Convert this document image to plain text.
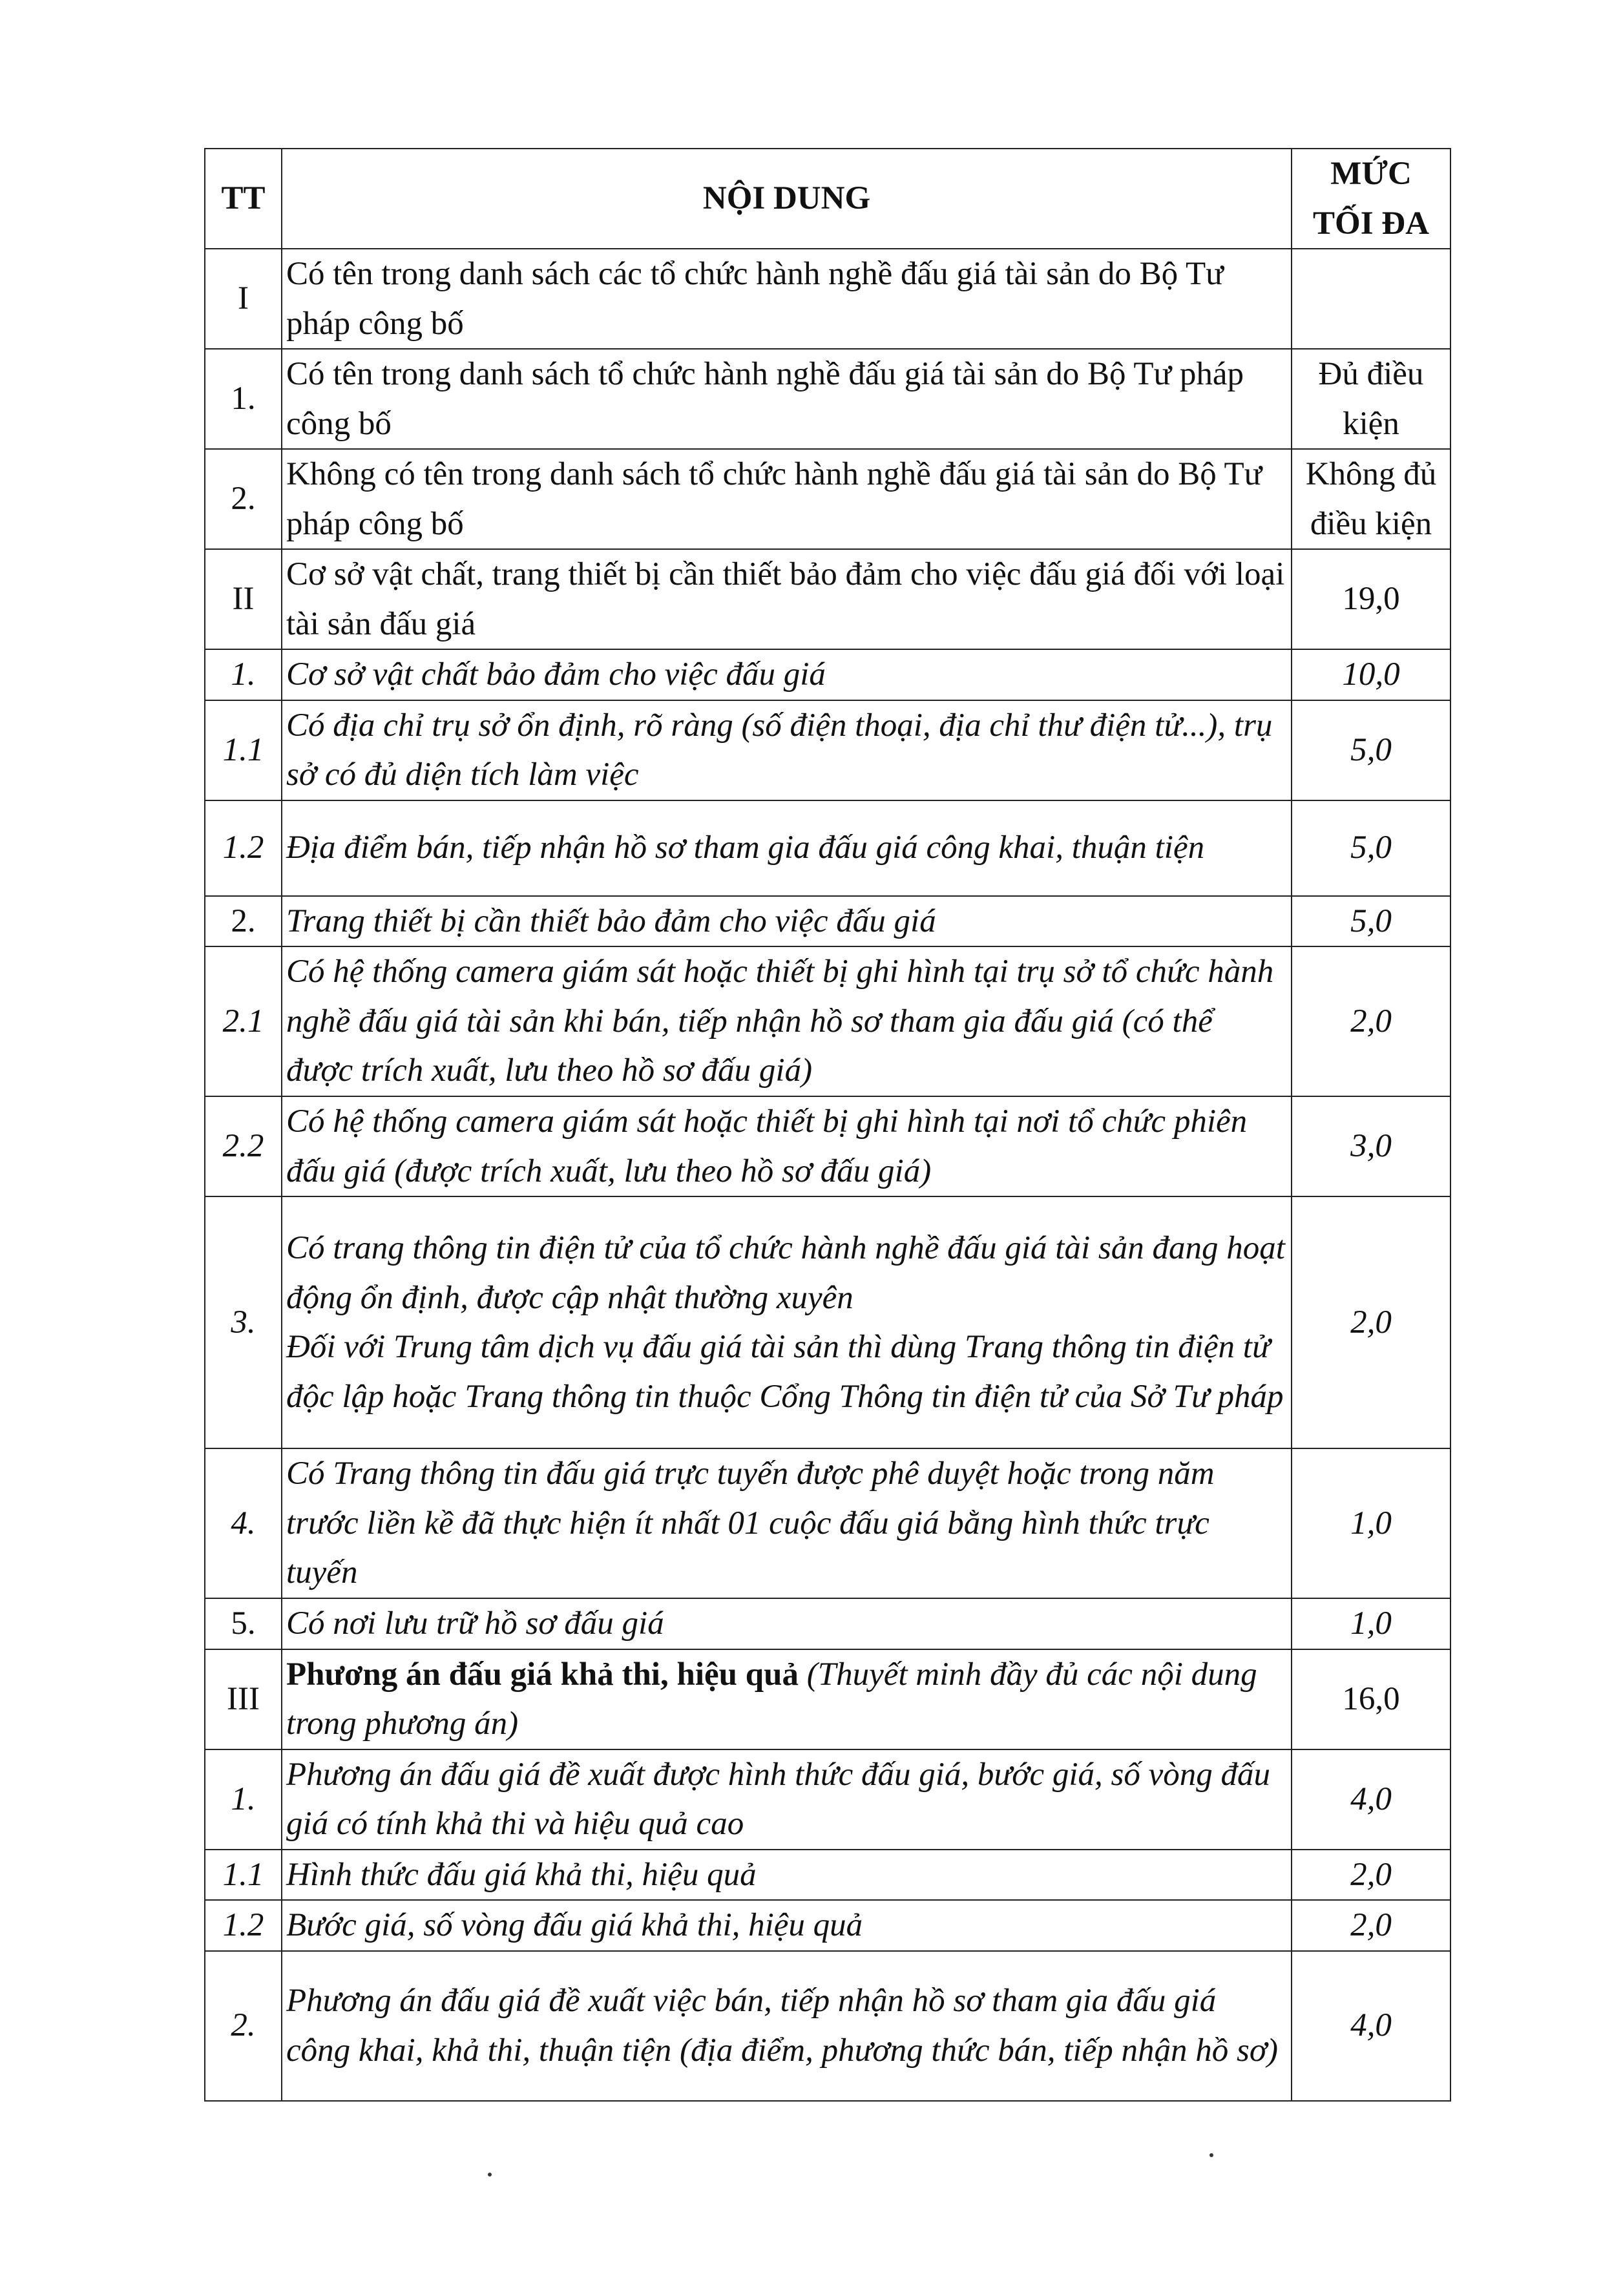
TT	NỘI DUNG	MỨC
TỐI ĐA
I	Có tên trong danh sách các tổ chức hành nghề đấu giá tài sản do Bộ Tư pháp công bố	
1.	Có tên trong danh sách tổ chức hành nghề đấu giá tài sản do Bộ Tư pháp công bố	Đủ điều kiện
2.	Không có tên trong danh sách tổ chức hành nghề đấu giá tài sản do Bộ Tư pháp công bố	Không đủ điều kiện
II	Cơ sở vật chất, trang thiết bị cần thiết bảo đảm cho việc đấu giá đối với loại tài sản đấu giá	19,0
1.	Cơ sở vật chất bảo đảm cho việc đấu giá	10,0
1.1	Có địa chỉ trụ sở ổn định, rõ ràng (số điện thoại, địa chỉ thư điện tử...), trụ sở có đủ diện tích làm việc	5,0
1.2	Địa điểm bán, tiếp nhận hồ sơ tham gia đấu giá công khai, thuận tiện	5,0
2.	Trang thiết bị cần thiết bảo đảm cho việc đấu giá	5,0
2.1	Có hệ thống camera giám sát hoặc thiết bị ghi hình tại trụ sở tổ chức hành nghề đấu giá tài sản khi bán, tiếp nhận hồ sơ tham gia đấu giá (có thể được trích xuất, lưu theo hồ sơ đấu giá)	2,0
2.2	Có hệ thống camera giám sát hoặc thiết bị ghi hình tại nơi tổ chức phiên đấu giá (được trích xuất, lưu theo hồ sơ đấu giá)	3,0
3.	Có trang thông tin điện tử của tổ chức hành nghề đấu giá tài sản đang hoạt động ổn định, được cập nhật thường xuyên
Đối với Trung tâm dịch vụ đấu giá tài sản thì dùng Trang thông tin điện tử độc lập hoặc Trang thông tin thuộc Cổng Thông tin điện tử của Sở Tư pháp	2,0
4.	Có Trang thông tin đấu giá trực tuyến được phê duyệt hoặc trong năm trước liền kề đã thực hiện ít nhất 01 cuộc đấu giá bằng hình thức trực tuyến	1,0
5.	Có nơi lưu trữ hồ sơ đấu giá	1,0
III	Phương án đấu giá khả thi, hiệu quả (Thuyết minh đầy đủ các nội dung trong phương án)	16,0
1.	Phương án đấu giá đề xuất được hình thức đấu giá, bước giá, số vòng đấu giá có tính khả thi và hiệu quả cao	4,0
1.1	Hình thức đấu giá khả thi, hiệu quả	2,0
1.2	Bước giá, số vòng đấu giá khả thi, hiệu quả	2,0
2.	Phương án đấu giá đề xuất việc bán, tiếp nhận hồ sơ tham gia đấu giá công khai, khả thi, thuận tiện (địa điểm, phương thức bán, tiếp nhận hồ sơ)	4,0
